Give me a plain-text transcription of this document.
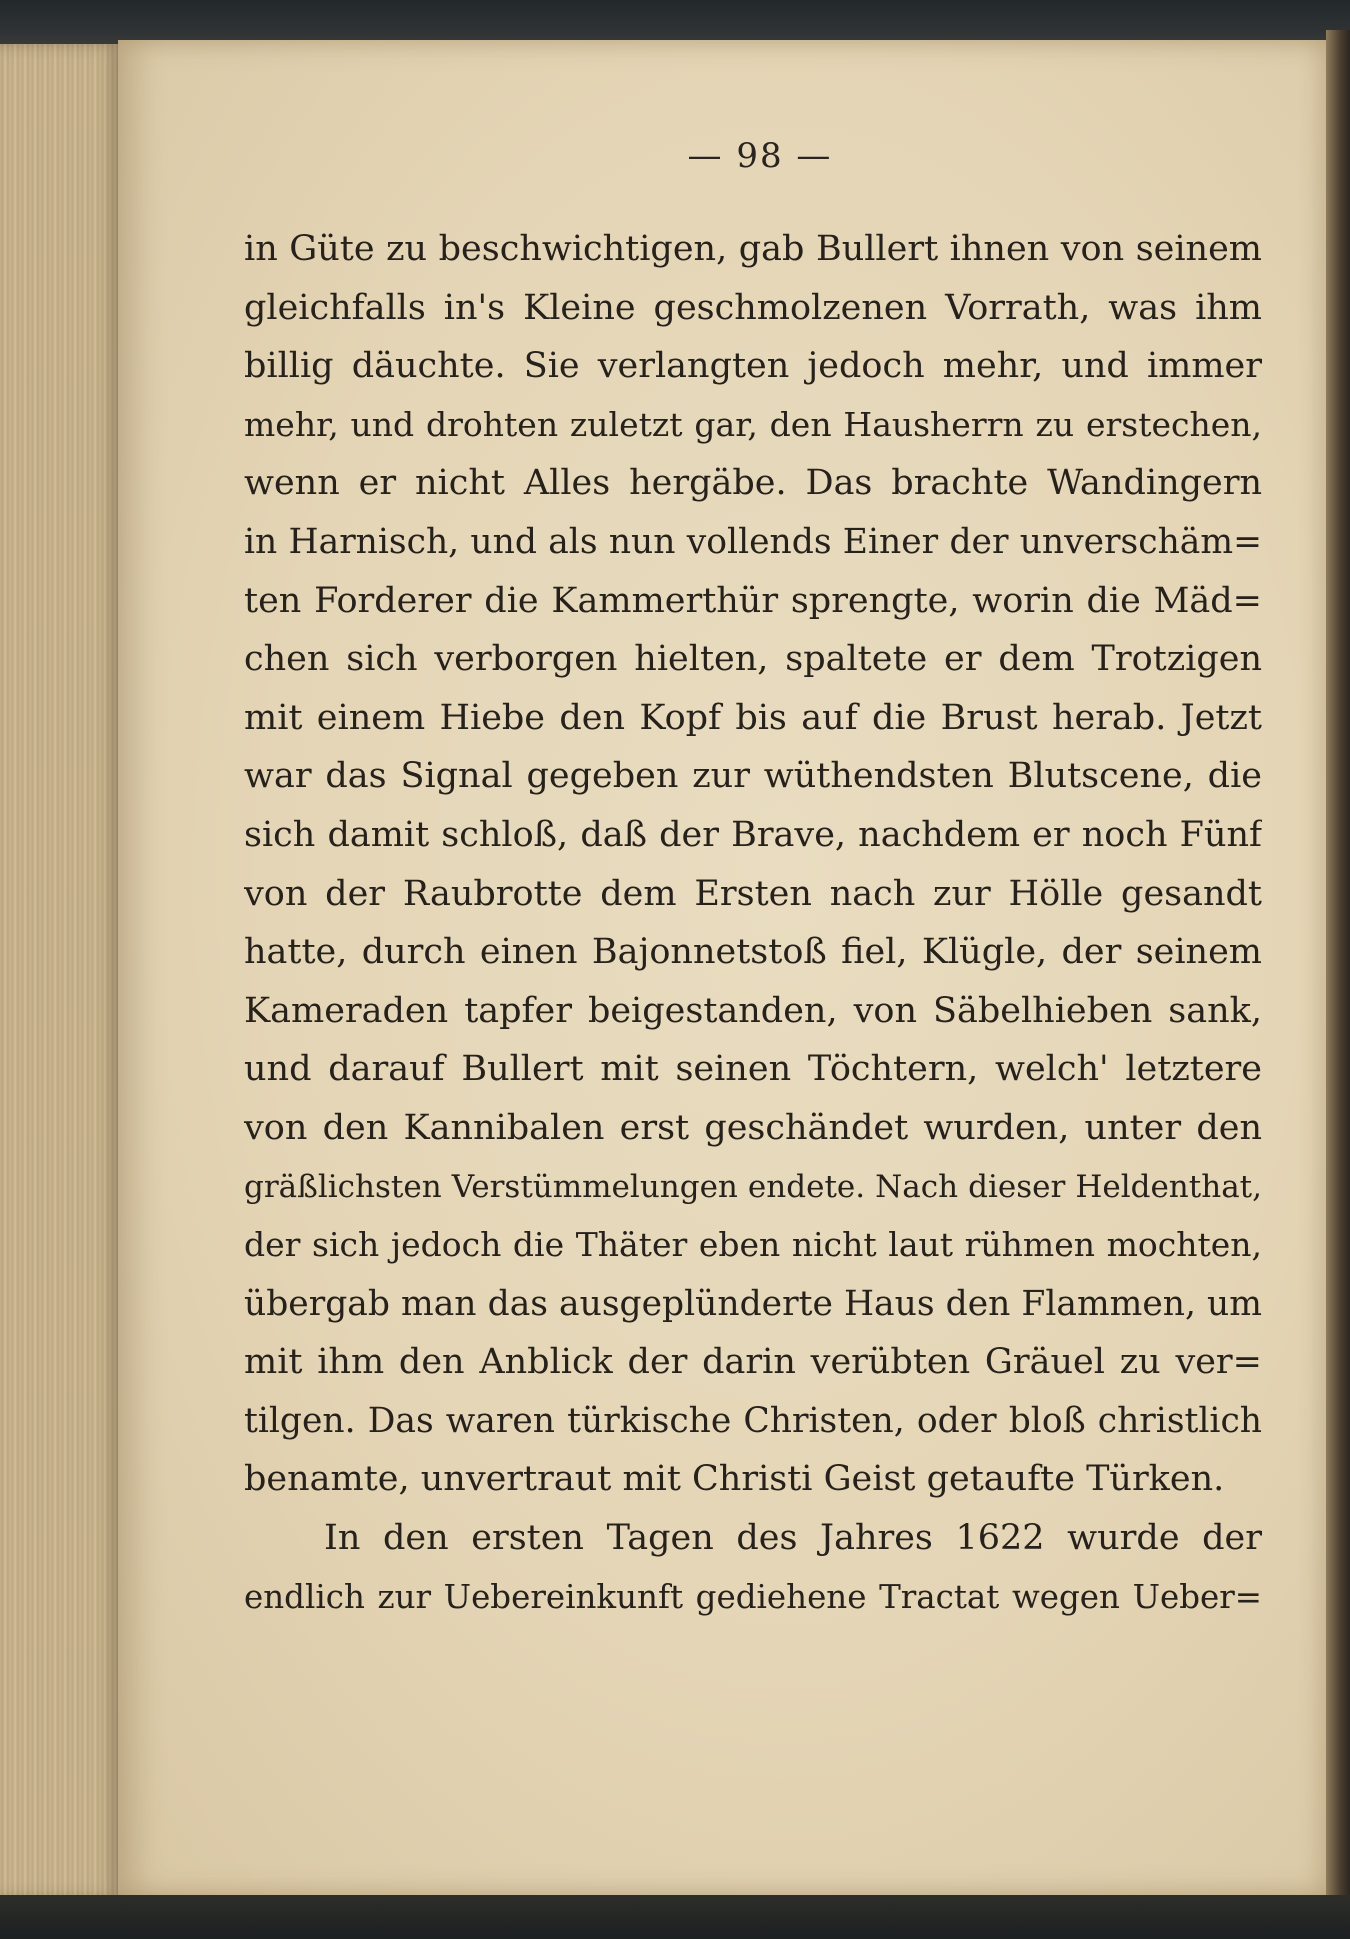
— 98 —
in Güte zu beschwichtigen, gab Bullert ihnen von seinem
gleichfalls in's Kleine geschmolzenen Vorrath, was ihm
billig däuchte. Sie verlangten jedoch mehr, und immer
mehr, und drohten zuletzt gar, den Hausherrn zu erstechen,
wenn er nicht Alles hergäbe. Das brachte Wandingern
in Harnisch, und als nun vollends Einer der unverschäm=
ten Forderer die Kammerthür sprengte, worin die Mäd=
chen sich verborgen hielten, spaltete er dem Trotzigen
mit einem Hiebe den Kopf bis auf die Brust herab. Jetzt
war das Signal gegeben zur wüthendsten Blutscene, die
sich damit schloß, daß der Brave, nachdem er noch Fünf
von der Raubrotte dem Ersten nach zur Hölle gesandt
hatte, durch einen Bajonnetstoß fiel, Klügle, der seinem
Kameraden tapfer beigestanden, von Säbelhieben sank,
und darauf Bullert mit seinen Töchtern, welch' letztere
von den Kannibalen erst geschändet wurden, unter den
gräßlichsten Verstümmelungen endete. Nach dieser Heldenthat,
der sich jedoch die Thäter eben nicht laut rühmen mochten,
übergab man das ausgeplünderte Haus den Flammen, um
mit ihm den Anblick der darin verübten Gräuel zu ver=
tilgen. Das waren türkische Christen, oder bloß christlich
benamte, unvertraut mit Christi Geist getaufte Türken.
In den ersten Tagen des Jahres 1622 wurde der
endlich zur Uebereinkunft gediehene Tractat wegen Ueber=
